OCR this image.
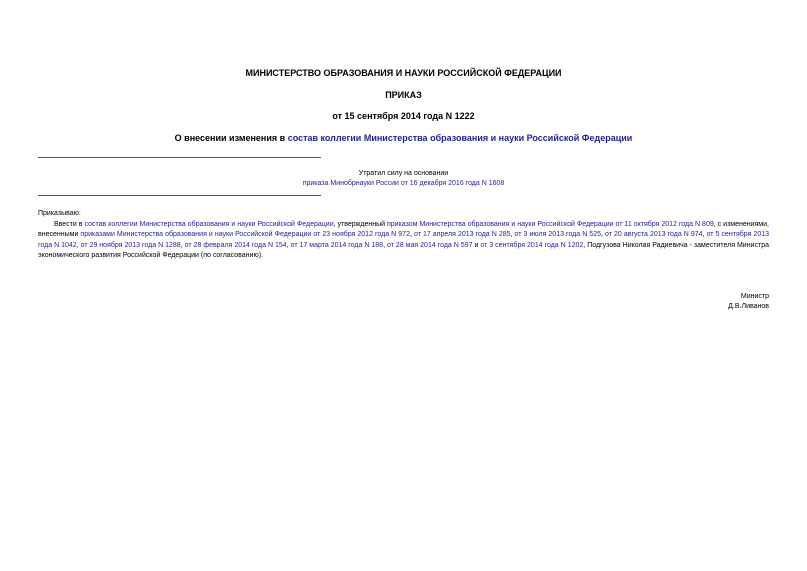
МИНИСТЕРСТВО ОБРАЗОВАНИЯ И НАУКИ РОССИЙСКОЙ ФЕДЕРАЦИИ
ПРИКАЗ
от 15 сентября 2014 года N 1222
О внесении изменения в состав коллегии Министерства образования и науки Российской Федерации
Утратил силу на основании
приказа Минобрнауки России от 16 декабря 2016 года N 1608
Приказываю:

Ввести в состав коллегии Министерства образования и науки Российской Федерации, утвержденный приказом Министерства образования и науки Российской Федерации от 11 октября 2012 года N 809, с изменениями, внесенными приказами Министерства образования и науки Российской Федерации от 23 ноября 2012 года N 972, от 17 апреля 2013 года N 285, от 3 июля 2013 года N 525, от 20 августа 2013 года N 974, от 5 сентября 2013 года N 1042, от 29 ноября 2013 года N 1288, от 28 февраля 2014 года N 154, от 17 марта 2014 года N 188, от 28 мая 2014 года N 597 и от 3 сентября 2014 года N 1202, Подгузова Николая Радиевича - заместителя Министра экономического развития Российской Федерации (по согласованию).

Министр
Д.В.Ливанов
